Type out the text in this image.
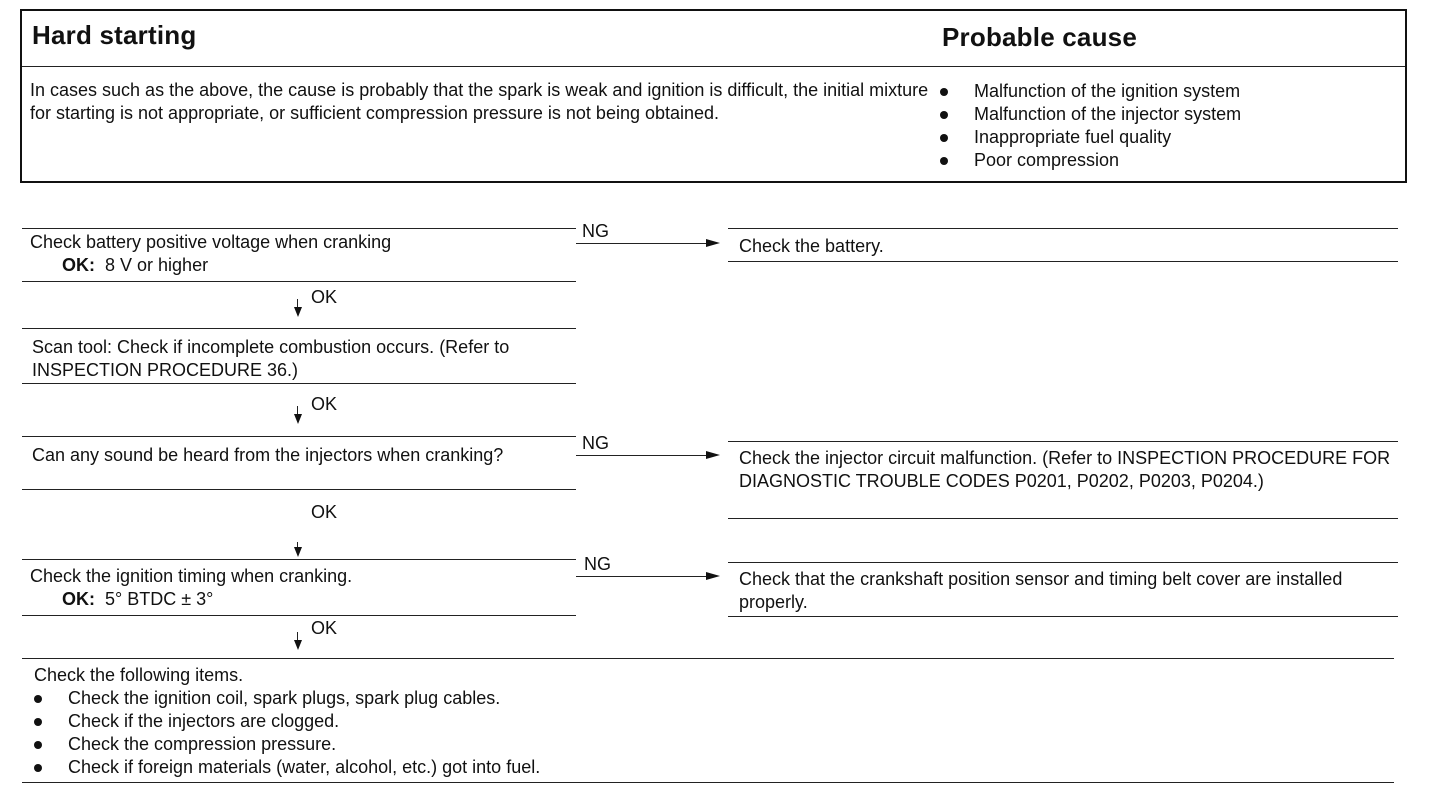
Hard starting	Probable cause
In cases such as the above, the cause is probably that the spark is weak and ignition is difficult, the initial mixture for starting is not appropriate, or sufficient compression pressure is not being obtained.
Malfunction of the ignition system
Malfunction of the injector system
Inappropriate fuel quality
Poor compression
Check battery positive voltage when cranking
OK: 8 V or higher
NG
Check the battery.
OK
Scan tool: Check if incomplete combustion occurs. (Refer to INSPECTION PROCEDURE 36.)
OK
Can any sound be heard from the injectors when cranking?
NG
Check the injector circuit malfunction. (Refer to INSPECTION PROCEDURE FOR DIAGNOSTIC TROUBLE CODES P0201, P0202, P0203, P0204.)
OK
Check the ignition timing when cranking.
OK: 5° BTDC ± 3°
NG
Check that the crankshaft position sensor and timing belt cover are installed properly.
OK
Check the following items.
Check the ignition coil, spark plugs, spark plug cables.
Check if the injectors are clogged.
Check the compression pressure.
Check if foreign materials (water, alcohol, etc.) got into fuel.
